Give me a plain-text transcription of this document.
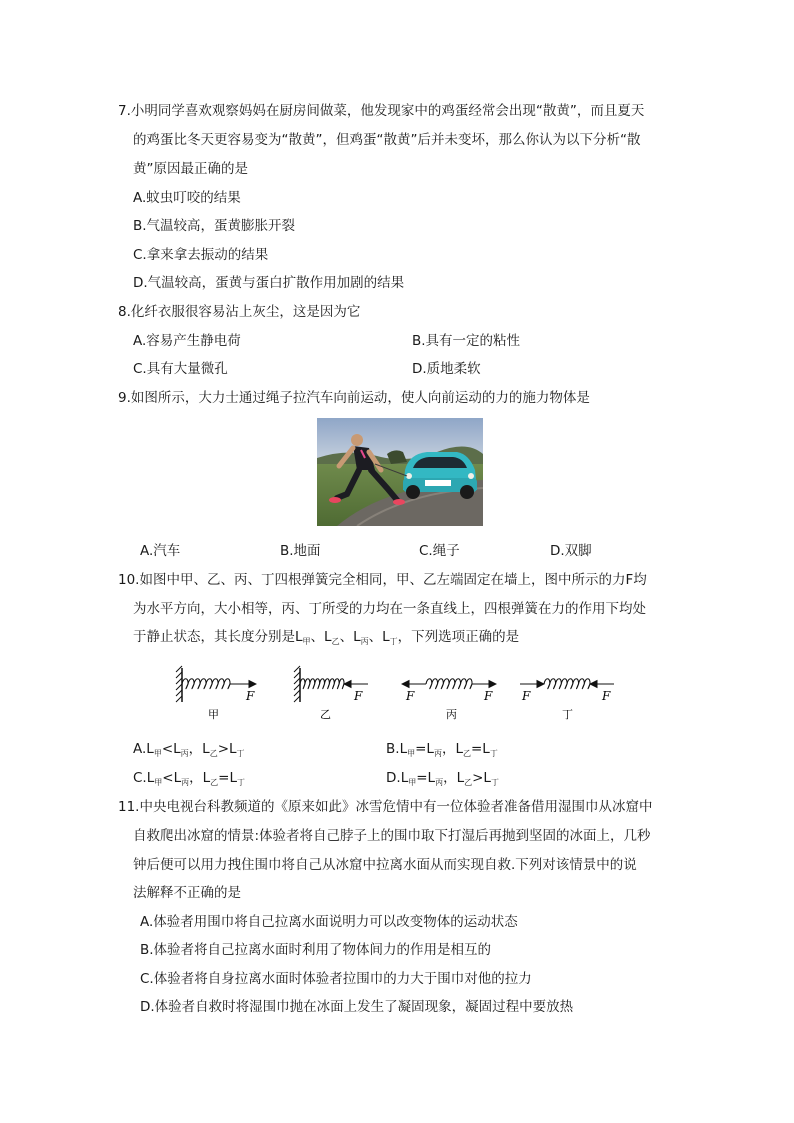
7.小明同学喜欢观察妈妈在厨房间做菜，他发现家中的鸡蛋经常会出现“散黄”，而且夏天
的鸡蛋比冬天更容易变为“散黄”，但鸡蛋“散黄”后并未变坏，那么你认为以下分析“散
黄”原因最正确的是
A.蚊虫叮咬的结果
B.气温较高，蛋黄膨胀开裂
C.拿来拿去振动的结果
D.气温较高，蛋黄与蛋白扩散作用加剧的结果
8.化纤衣服很容易沾上灰尘，这是因为它
A.容易产生静电荷	B.具有一定的粘性
C.具有大量微孔	D.质地柔软
9.如图所示，大力士通过绳子拉汽车向前运动，使人向前运动的力的施力物体是
A.汽车	B.地面	C.绳子	D.双脚
10.如图中甲、乙、丙、丁四根弹簧完全相同，甲、乙左端固定在墙上，图中所示的力F均
为水平方向，大小相等，丙、丁所受的力均在一条直线上，四根弹簧在力的作用下均处
于静止状态，其长度分别是$L_甲$、$L_乙$、$L_丙$、$L_丁$，下列选项正确的是
F
甲
F
乙
F	F
丙
F	F
丁
$A.L_甲<L_丙$，$L_乙>L_丁$	$B.L_甲=L_丙$，$L_乙=L_丁$
$C.L_甲<L_丙$，$L_乙=L_丁$	$D.L_甲=L_丙$，$L_乙>L_丁$
11.中央电视台科教频道的《原来如此》冰雪危情中有一位体验者准备借用湿围巾从冰窟中
自救爬出冰窟的情景:体验者将自己脖子上的围巾取下打湿后再抛到坚固的冰面上，几秒
钟后便可以用力拽住围巾将自己从冰窟中拉离水面从而实现自救.下列对该情景中的说
法解释不正确的是
A.体验者用围巾将自己拉离水面说明力可以改变物体的运动状态
B.体验者将自己拉离水面时利用了物体间力的作用是相互的
C.体验者将自身拉离水面时体验者拉围巾的力大于围巾对他的拉力
D.体验者自救时将湿围巾抛在冰面上发生了凝固现象，凝固过程中要放热
